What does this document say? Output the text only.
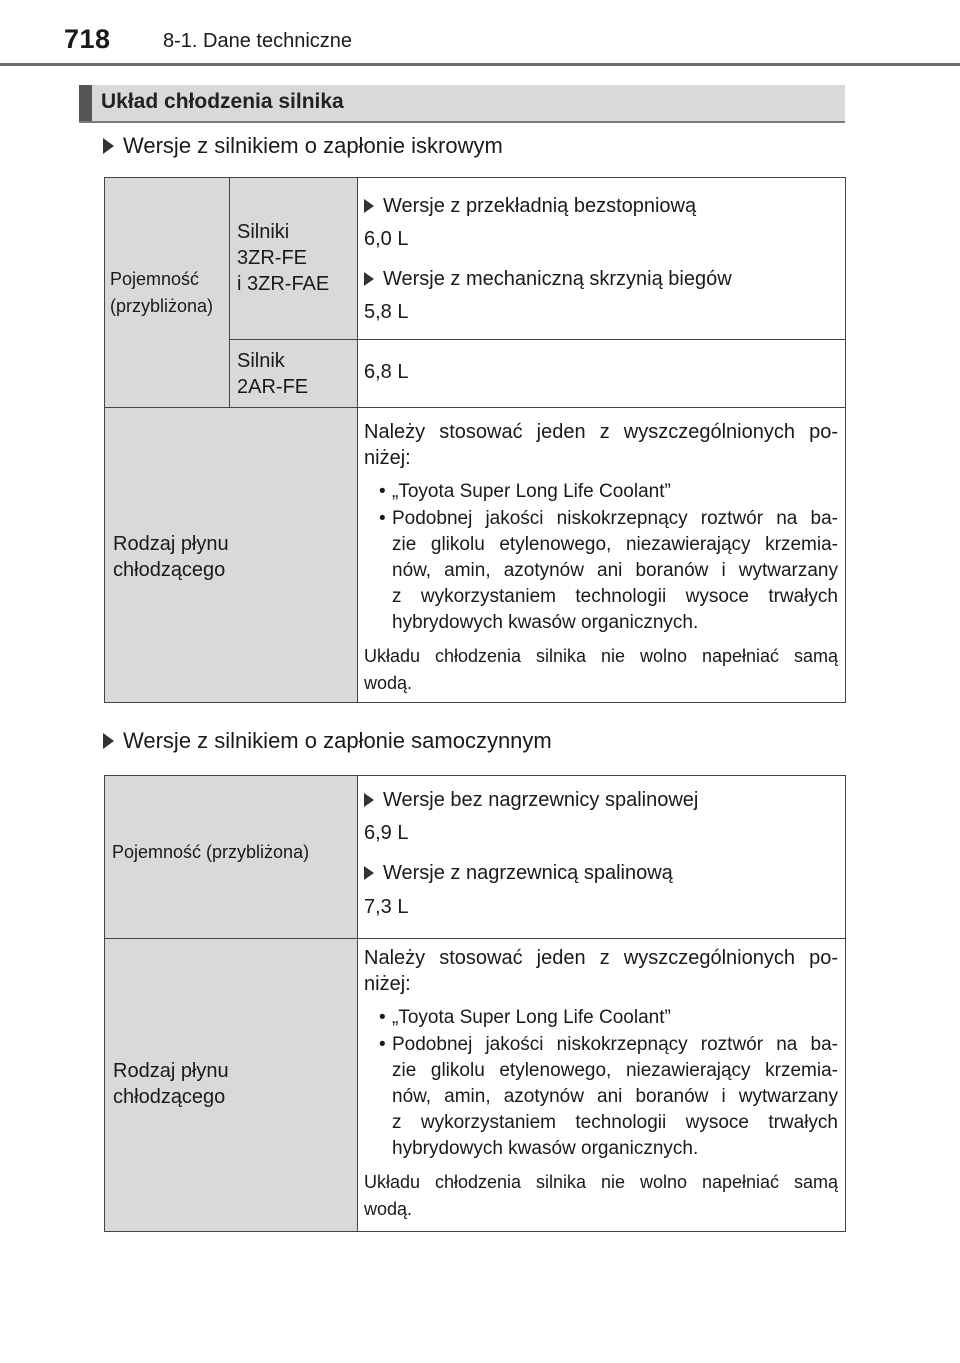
718	8-1. Dane techniczne
Układ chłodzenia silnika
Wersje z silnikiem o zapłonie iskrowym
Pojemność
(przybliżona)
Silniki
3ZR-FE
i 3ZR-FAE
Wersje z przekładnią bezstopniową
6,0 L
Wersje z mechaniczną skrzynią biegów
5,8 L
Silnik
2AR-FE
6,8 L
Rodzaj płynu
chłodzącego
Należy stosować jeden z wyszczególnionych po-
niżej:
• „Toyota Super Long Life Coolant”
• Podobnej jakości niskokrzepnący roztwór na ba-
zie glikolu etylenowego, niezawierający krzemia-
nów, amin, azotynów ani boranów i wytwarzany
z wykorzystaniem technologii wysoce trwałych
hybrydowych kwasów organicznych.
Układu chłodzenia silnika nie wolno napełniać samą
wodą.
Wersje z silnikiem o zapłonie samoczynnym
Pojemność (przybliżona)
Wersje bez nagrzewnicy spalinowej
6,9 L
Wersje z nagrzewnicą spalinową
7,3 L
Rodzaj płynu
chłodzącego
Należy stosować jeden z wyszczególnionych po-
niżej:
• „Toyota Super Long Life Coolant”
• Podobnej jakości niskokrzepnący roztwór na ba-
zie glikolu etylenowego, niezawierający krzemia-
nów, amin, azotynów ani boranów i wytwarzany
z wykorzystaniem technologii wysoce trwałych
hybrydowych kwasów organicznych.
Układu chłodzenia silnika nie wolno napełniać samą
wodą.
